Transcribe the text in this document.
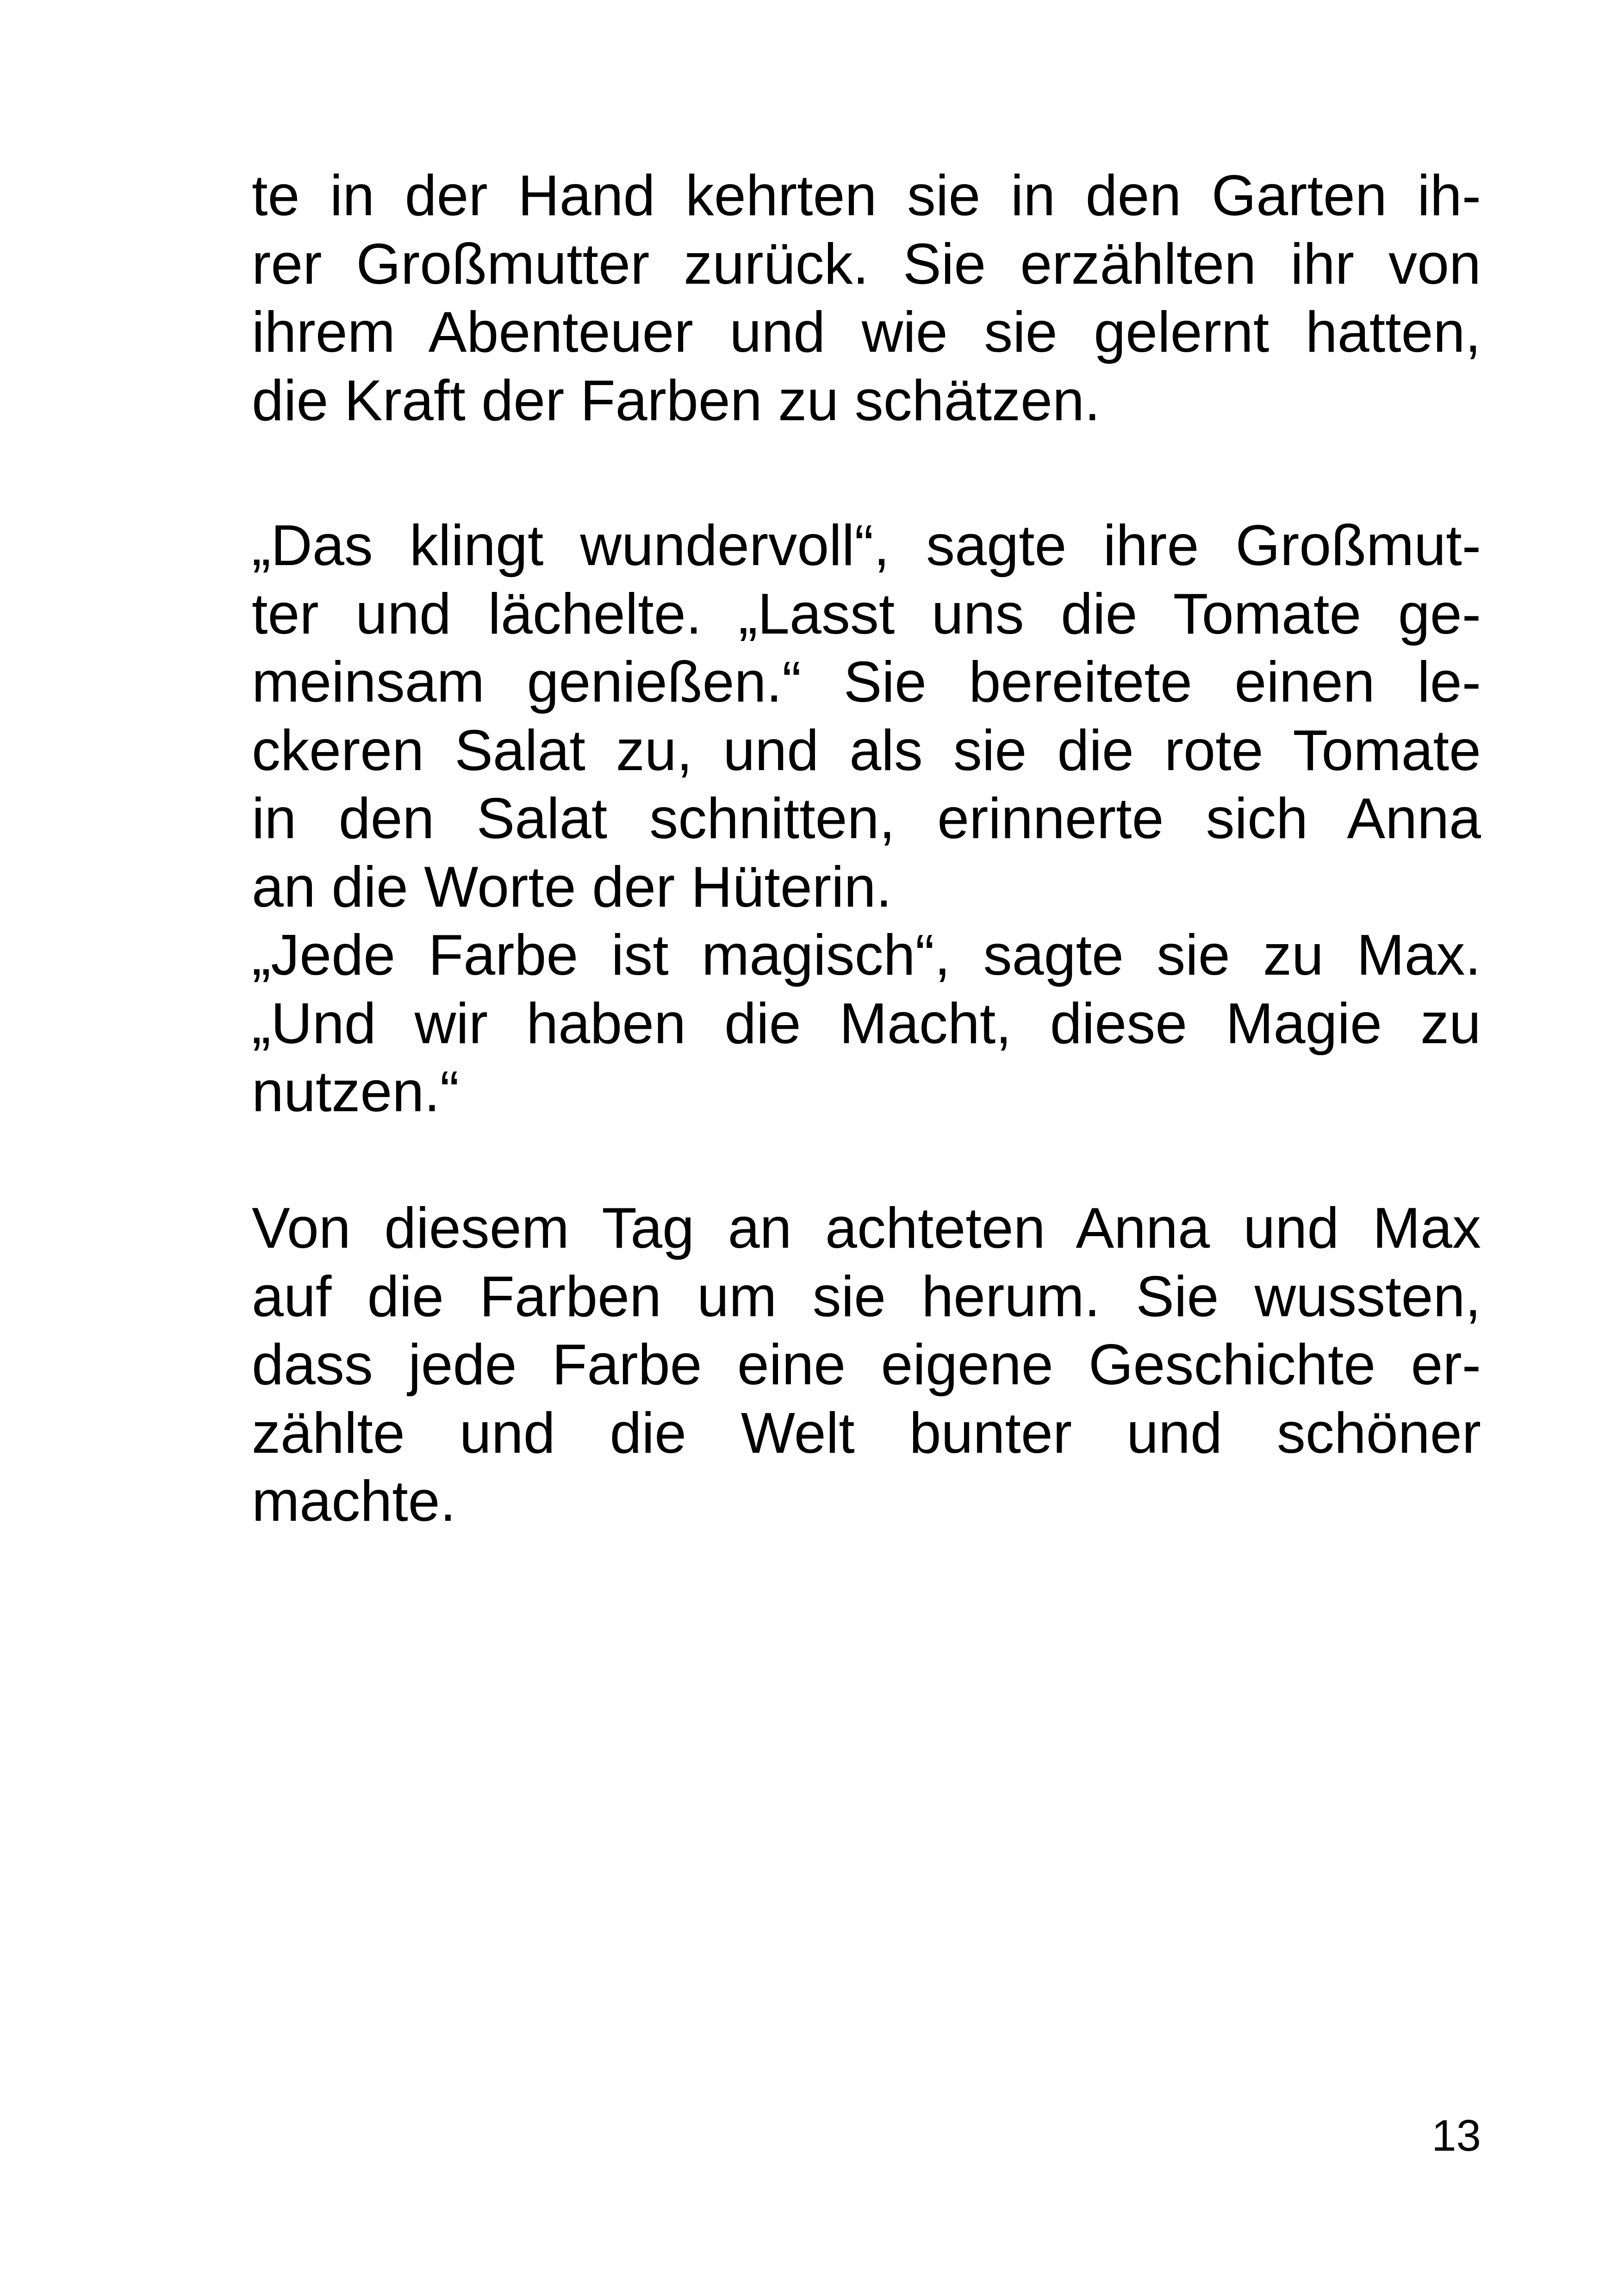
te in der Hand kehrten sie in den Garten ih-
rer Großmutter zurück. Sie erzählten ihr von
ihrem Abenteuer und wie sie gelernt hatten,
die Kraft der Farben zu schätzen.
„Das klingt wundervoll“, sagte ihre Großmut-
ter und lächelte. „Lasst uns die Tomate ge-
meinsam genießen.“ Sie bereitete einen le-
ckeren Salat zu, und als sie die rote Tomate
in den Salat schnitten, erinnerte sich Anna
an die Worte der Hüterin.
„Jede Farbe ist magisch“, sagte sie zu Max.
„Und wir haben die Macht, diese Magie zu
nutzen.“
Von diesem Tag an achteten Anna und Max
auf die Farben um sie herum. Sie wussten,
dass jede Farbe eine eigene Geschichte er-
zählte und die Welt bunter und schöner
machte.
13
